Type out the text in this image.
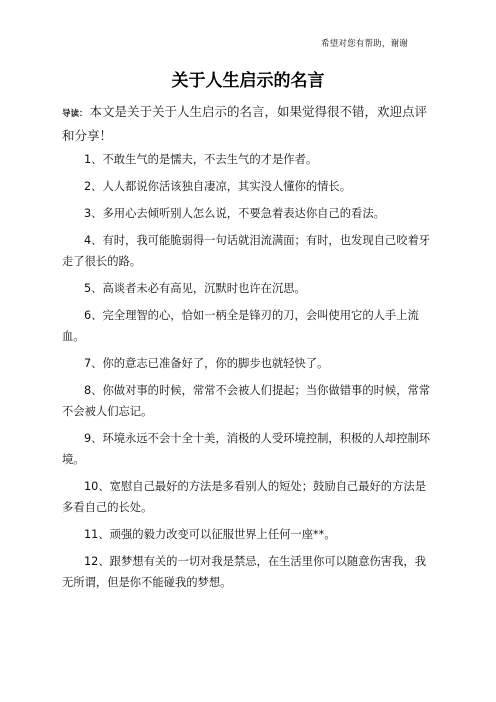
希望对您有帮助，谢谢
关于人生启示的名言
导读： 本文是关于关于人生启示的名言，如果觉得很不错，欢迎点评和分享！
1、不敢生气的是懦夫，不去生气的才是作者。
2、人人都说你活该独自凄凉，其实没人懂你的情长。
3、多用心去倾听别人怎么说，不要急着表达你自己的看法。
4、有时，我可能脆弱得一句话就泪流满面；有时，也发现自己咬着牙走了很长的路。
5、高谈者未必有高见，沉默时也许在沉思。
6、完全理智的心，恰如一柄全是锋刃的刀，会叫使用它的人手上流血。
7、你的意志已准备好了，你的脚步也就轻快了。
8、你做对事的时候，常常不会被人们提起；当你做错事的时候，常常不会被人们忘记。
9、环境永远不会十全十美，消极的人受环境控制，积极的人却控制环境。
10、宽慰自己最好的方法是多看别人的短处；鼓励自己最好的方法是多看自己的长处。
11、顽强的毅力改变可以征服世界上任何一座**。
12、跟梦想有关的一切对我是禁忌，在生活里你可以随意伤害我，我无所谓，但是你不能碰我的梦想。
